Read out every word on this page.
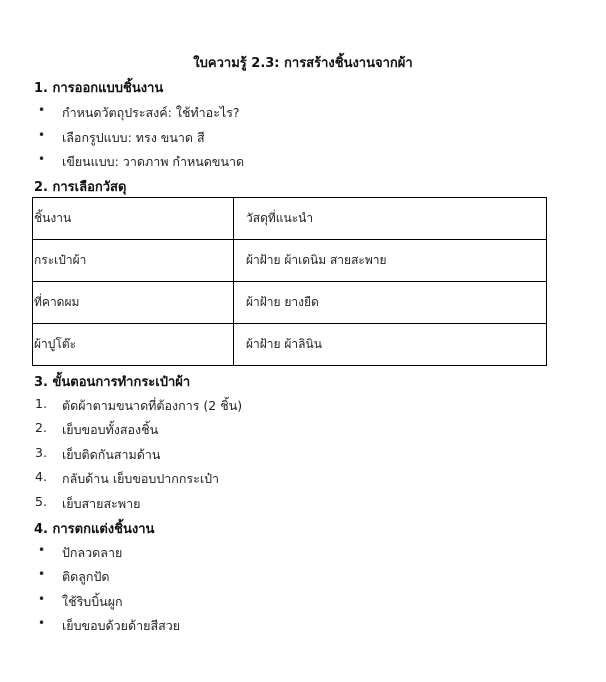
ใบความรู้ 2.3: การสร้างชิ้นงานจากผ้า
1. การออกแบบชิ้นงาน
• กำหนดวัตถุประสงค์: ใช้ทำอะไร?
• เลือกรูปแบบ: ทรง ขนาด สี
• เขียนแบบ: วาดภาพ กำหนดขนาด
2. การเลือกวัสดุ
ชิ้นงาน	วัสดุที่แนะนำ
กระเป๋าผ้า	ผ้าฝ้าย ผ้าเดนิม สายสะพาย
ที่คาดผม	ผ้าฝ้าย ยางยืด
ผ้าปูโต๊ะ	ผ้าฝ้าย ผ้าลินิน
3. ขั้นตอนการทำกระเป๋าผ้า
1. ตัดผ้าตามขนาดที่ต้องการ (2 ชิ้น)
2. เย็บขอบทั้งสองชิ้น
3. เย็บติดกันสามด้าน
4. กลับด้าน เย็บขอบปากกระเป๋า
5. เย็บสายสะพาย
4. การตกแต่งชิ้นงาน
• ปักลวดลาย
• ติดลูกปัด
• ใช้ริบบิ้นผูก
• เย็บขอบด้วยด้ายสีสวย
